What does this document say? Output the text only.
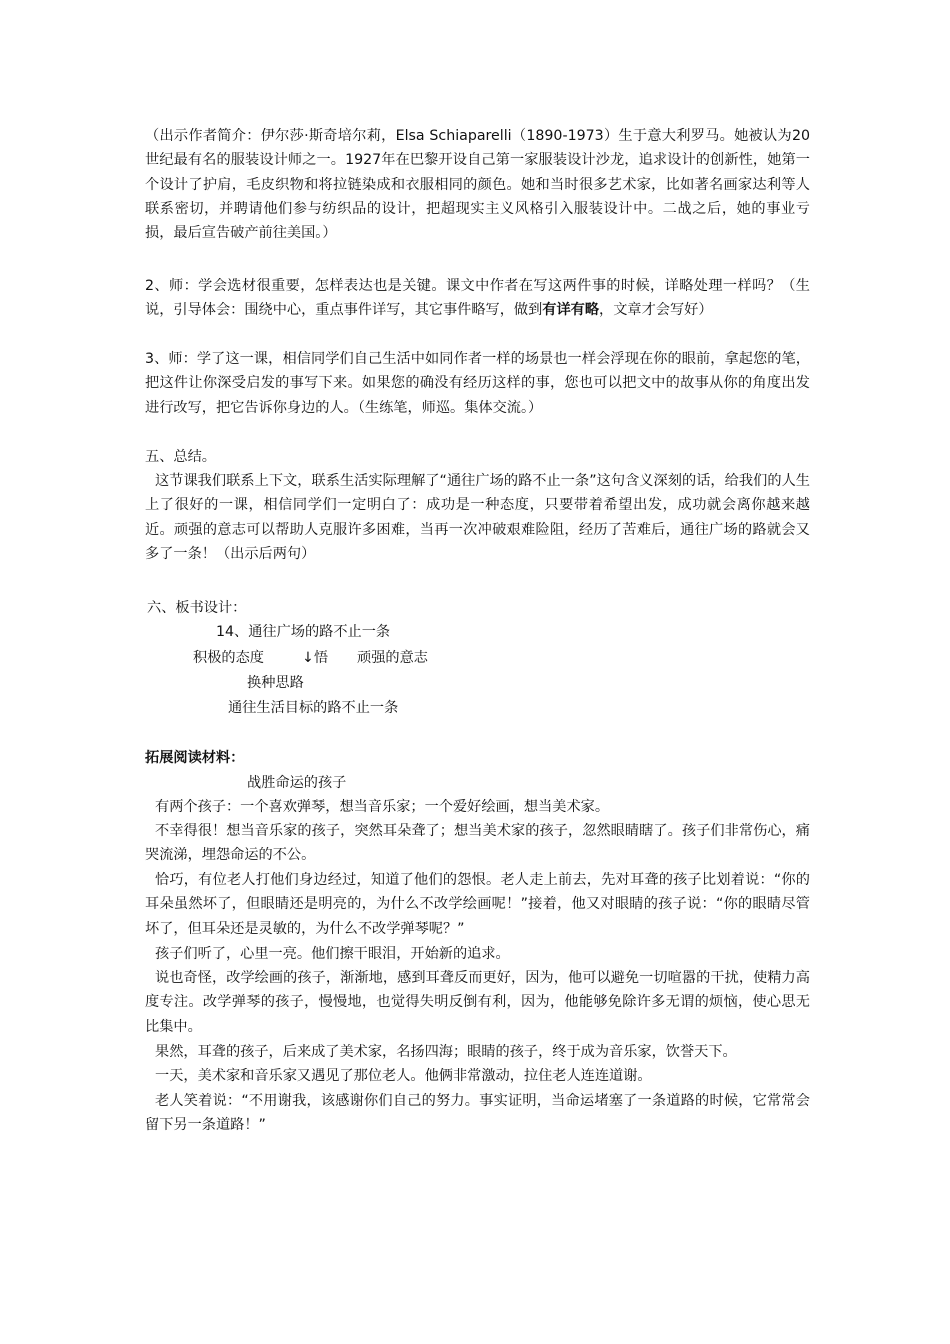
（出示作者简介：伊尔莎·斯奇培尔莉，Elsa Schiaparelli（1890-1973）生于意大利罗马。她被认为20世纪最有名的服装设计师之一。1927年在巴黎开设自己第一家服装设计沙龙，追求设计的创新性，她第一个设计了护肩，毛皮织物和将拉链染成和衣服相同的颜色。她和当时很多艺术家，比如著名画家达利等人联系密切，并聘请他们参与纺织品的设计，把超现实主义风格引入服装设计中。二战之后，她的事业亏损，最后宣告破产前往美国。）

2、师：学会选材很重要，怎样表达也是关键。课文中作者在写这两件事的时候，详略处理一样吗？（生说，引导体会：围绕中心，重点事件详写，其它事件略写，做到有详有略，文章才会写好）

3、师：学了这一课，相信同学们自己生活中如同作者一样的场景也一样会浮现在你的眼前，拿起您的笔，把这件让你深受启发的事写下来。如果您的确没有经历这样的事，您也可以把文中的故事从你的角度出发进行改写，把它告诉你身边的人。（生练笔，师巡。集体交流。）

五、总结。

这节课我们联系上下文，联系生活实际理解了“通往广场的路不止一条”这句含义深刻的话，给我们的人生上了很好的一课，相信同学们一定明白了：成功是一种态度，只要带着希望出发，成功就会离你越来越近。顽强的意志可以帮助人克服许多困难，当再一次冲破艰难险阻，经历了苦难后，通往广场的路就会又多了一条！（出示后两句）

六、板书设计：

14、通往广场的路不止一条

积极的态度	↓悟 顽强的意志

换种思路

通往生活目标的路不止一条

拓展阅读材料：

战胜命运的孩子

有两个孩子：一个喜欢弹琴，想当音乐家；一个爱好绘画，想当美术家。

不幸得很！想当音乐家的孩子，突然耳朵聋了；想当美术家的孩子，忽然眼睛瞎了。孩子们非常伤心，痛哭流涕，埋怨命运的不公。

恰巧，有位老人打他们身边经过，知道了他们的怨恨。老人走上前去，先对耳聋的孩子比划着说：“你的耳朵虽然坏了，但眼睛还是明亮的，为什么不改学绘画呢！”接着，他又对眼睛的孩子说：“你的眼睛尽管坏了，但耳朵还是灵敏的，为什么不改学弹琴呢？”

孩子们听了，心里一亮。他们擦干眼泪，开始新的追求。

说也奇怪，改学绘画的孩子，渐渐地，感到耳聋反而更好，因为，他可以避免一切喧嚣的干扰，使精力高度专注。改学弹琴的孩子，慢慢地，也觉得失明反倒有利，因为，他能够免除许多无谓的烦恼，使心思无比集中。

果然，耳聋的孩子，后来成了美术家，名扬四海；眼睛的孩子，终于成为音乐家，饮誉天下。

一天，美术家和音乐家又遇见了那位老人。他俩非常激动，拉住老人连连道谢。

老人笑着说：“不用谢我，该感谢你们自己的努力。事实证明，当命运堵塞了一条道路的时候，它常常会留下另一条道路！”
